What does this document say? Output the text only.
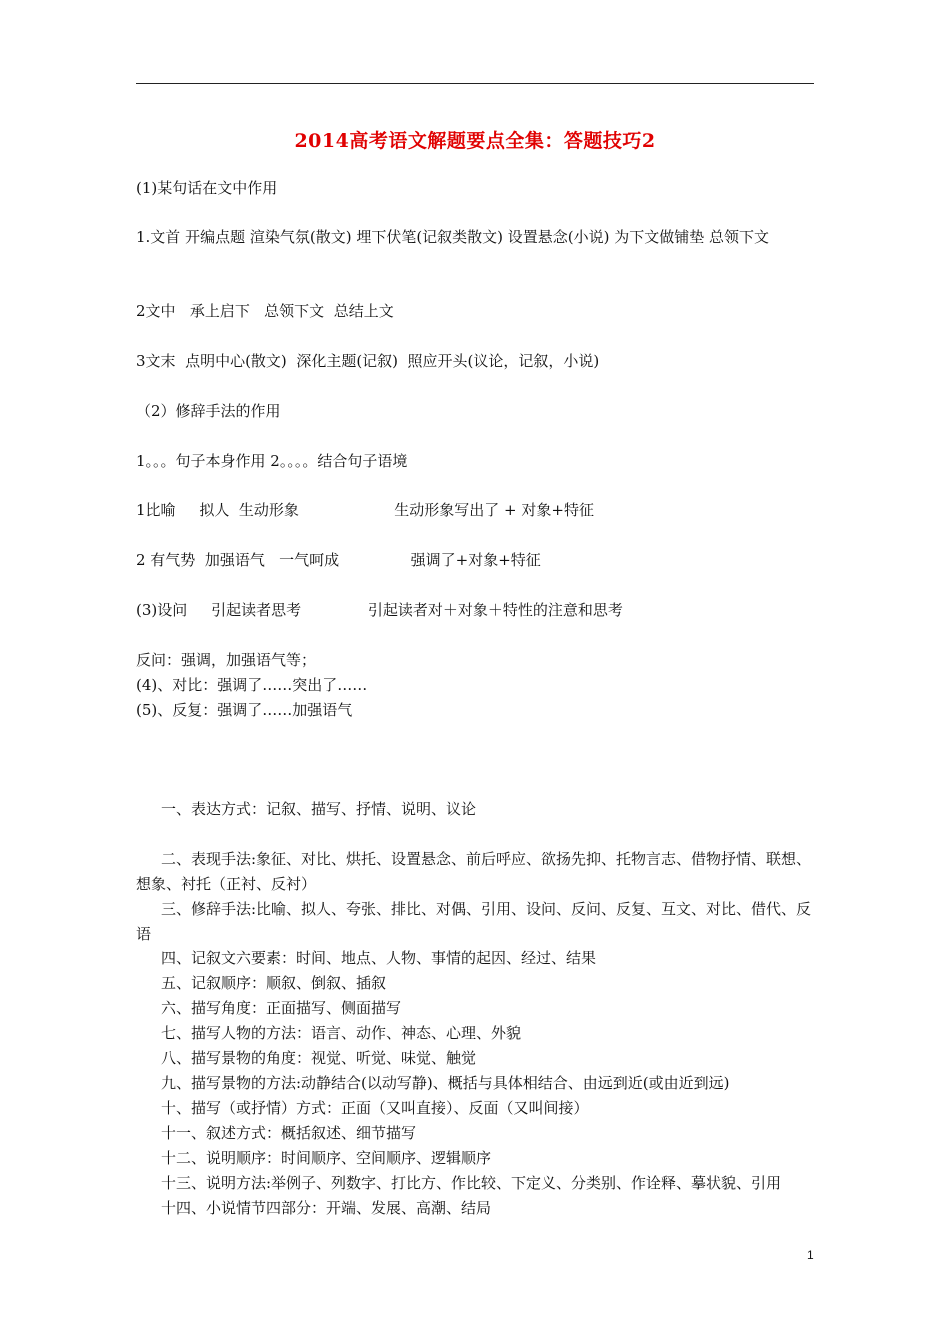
2014高考语文解题要点全集：答题技巧2
(1)某句话在文中作用
1.文首 开编点题 渲染气氛(散文) 埋下伏笔(记叙类散文) 设置悬念(小说) 为下文做铺垫 总领下文
2文中   承上启下   总领下文  总结上文
3文末  点明中心(散文)  深化主题(记叙)  照应开头(议论，记叙，小说)
（2）修辞手法的作用
1。。。句子本身作用 2。。。。结合句子语境
1比喻     拟人  生动形象                    生动形象写出了 + 对象+特征
2 有气势  加强语气   一气呵成               强调了+对象+特征
(3)设问     引起读者思考              引起读者对＋对象＋特性的注意和思考
反问：强调，加强语气等；
(4)、对比：强调了……突出了……
(5)、反复：强调了……加强语气
一、表达方式：记叙、描写、抒情、说明、议论
二、表现手法:象征、对比、烘托、设置悬念、前后呼应、欲扬先抑、托物言志、借物抒情、联想、想象、衬托（正衬、反衬）
三、修辞手法:比喻、拟人、夸张、排比、对偶、引用、设问、反问、反复、互文、对比、借代、反语
四、记叙文六要素：时间、地点、人物、事情的起因、经过、结果
五、记叙顺序：顺叙、倒叙、插叙
六、描写角度：正面描写、侧面描写
七、描写人物的方法：语言、动作、神态、心理、外貌
八、描写景物的角度：视觉、听觉、味觉、触觉
九、描写景物的方法:动静结合(以动写静)、概括与具体相结合、由远到近(或由近到远)
十、描写（或抒情）方式：正面（又叫直接）、反面（又叫间接）
十一、叙述方式：概括叙述、细节描写
十二、说明顺序：时间顺序、空间顺序、逻辑顺序
十三、说明方法:举例子、列数字、打比方、作比较、下定义、分类别、作诠释、摹状貌、引用
十四、小说情节四部分：开端、发展、高潮、结局
1
